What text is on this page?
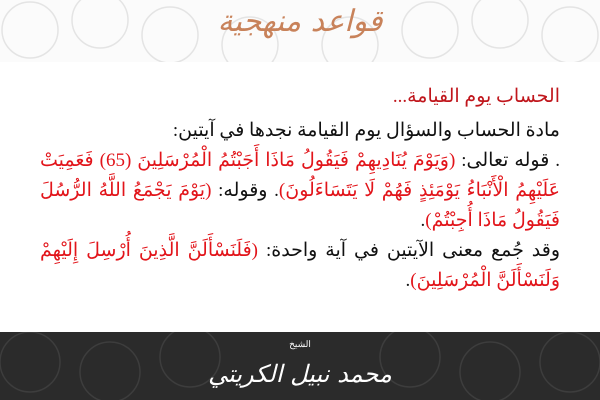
قواعد منهجية
الحساب يوم القيامة...
مادة الحساب والسؤال يوم القيامة نجدها في آيتين:
. قوله تعالى: (وَيَوْمَ يُنَادِيهِمْ فَيَقُولُ مَاذَا أَجَبْتُمُ الْمُرْسَلِينَ (65) فَعَمِيَتْ عَلَيْهِمُ الْأَنْبَاءُ يَوْمَئِذٍ فَهُمْ لَا يَتَسَاءَلُونَ). وقوله: (يَوْمَ يَجْمَعُ اللَّهُ الرُّسُلَ فَيَقُولُ مَاذَا أُجِبْتُمْ).
وقد جُمع معنى الآيتين في آية واحدة: (فَلَنَسْأَلَنَّ الَّذِينَ أُرْسِلَ إِلَيْهِمْ وَلَنَسْأَلَنَّ الْمُرْسَلِينَ).
الشيخ
محمد نبيل الكريتي
